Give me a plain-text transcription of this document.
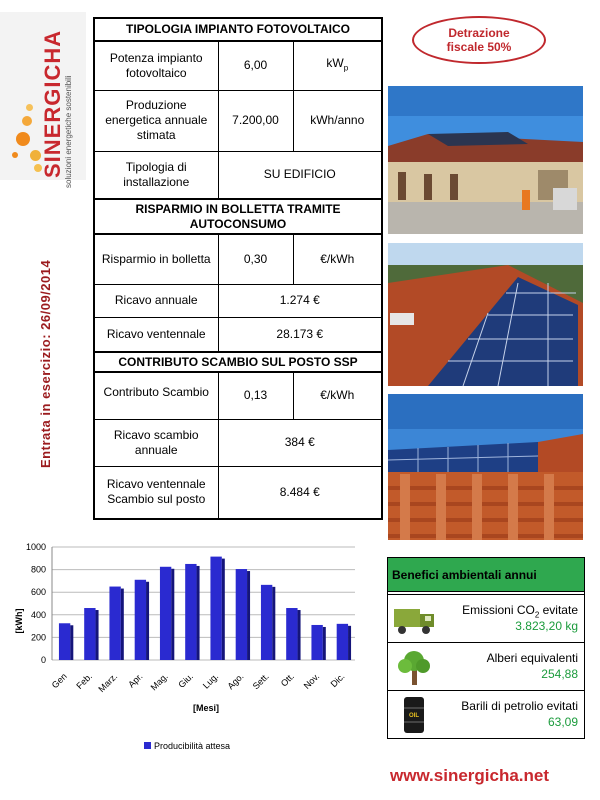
SINERGICHA soluzioni energetiche sostenibili
Entrata in esercizio: 26/09/2014
TIPOLOGIA IMPIANTO FOTOVOLTAICO		
Potenza impianto fotovoltaico	6,00	$kW_p$
Produzione energetica annuale stimata	7.200,00	kWh/anno
Tipologia di installazione	SU EDIFICIO	
RISPARMIO IN BOLLETTA TRAMITE AUTOCONSUMO		
Risparmio in bolletta	0,30	€/kWh
Ricavo annuale	1.274 €	
Ricavo ventennale	28.173 €	
CONTRIBUTO SCAMBIO SUL POSTO SSP		
Contributo Scambio	0,13	€/kWh
Ricavo scambio annuale	384 €	
Ricavo ventennale Scambio sul posto	8.484 €	
Detrazione
fiscale 50%
0
200
400
600
800
1000
Gen Feb. Marz. Apr. Mag. Giu. Lug. Ago. Sett. Ott. Nov. Dic.
[kWh]
[Mesi]
Producibilità attesa
Benefici ambientali annui
Emissioni $CO_2$ evitate
3.823,20 kg
Alberi equivalenti
254,88
OIL
Barili di petrolio evitati
63,09
www.sinergicha.net
